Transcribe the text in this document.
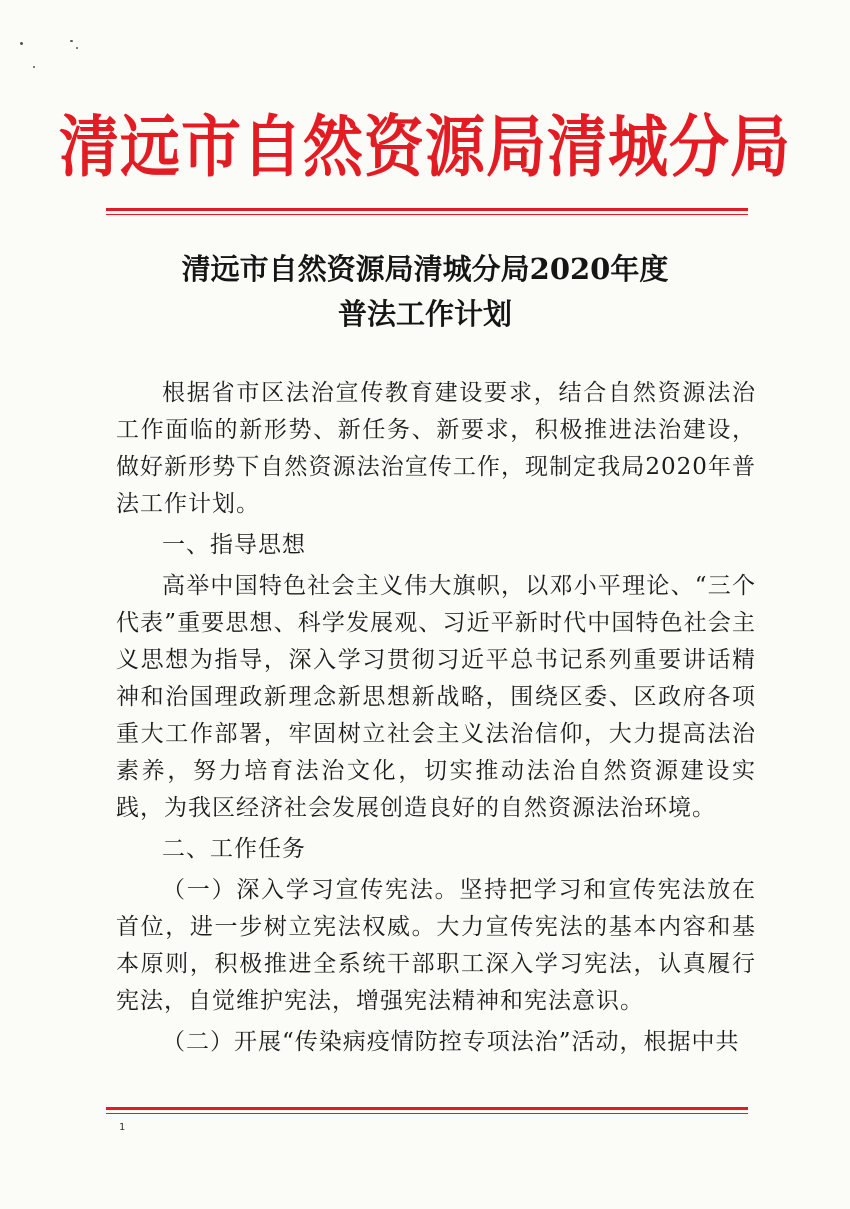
清远市自然资源局清城分局
清远市自然资源局清城分局2020年度
普法工作计划

根据省市区法治宣传教育建设要求，结合自然资源法治工作面临的新形势、新任务、新要求，积极推进法治建设，做好新形势下自然资源法治宣传工作，现制定我局2020年普法工作计划。

一、指导思想

高举中国特色社会主义伟大旗帜，以邓小平理论、“三个代表”重要思想、科学发展观、习近平新时代中国特色社会主义思想为指导，深入学习贯彻习近平总书记系列重要讲话精神和治国理政新理念新思想新战略，围绕区委、区政府各项重大工作部署，牢固树立社会主义法治信仰，大力提高法治素养，努力培育法治文化，切实推动法治自然资源建设实践，为我区经济社会发展创造良好的自然资源法治环境。

二、工作任务

（一）深入学习宣传宪法。坚持把学习和宣传宪法放在首位，进一步树立宪法权威。大力宣传宪法的基本内容和基本原则，积极推进全系统干部职工深入学习宪法，认真履行宪法，自觉维护宪法，增强宪法精神和宪法意识。

（二）开展“传染病疫情防控专项法治”活动，根据中共

1
